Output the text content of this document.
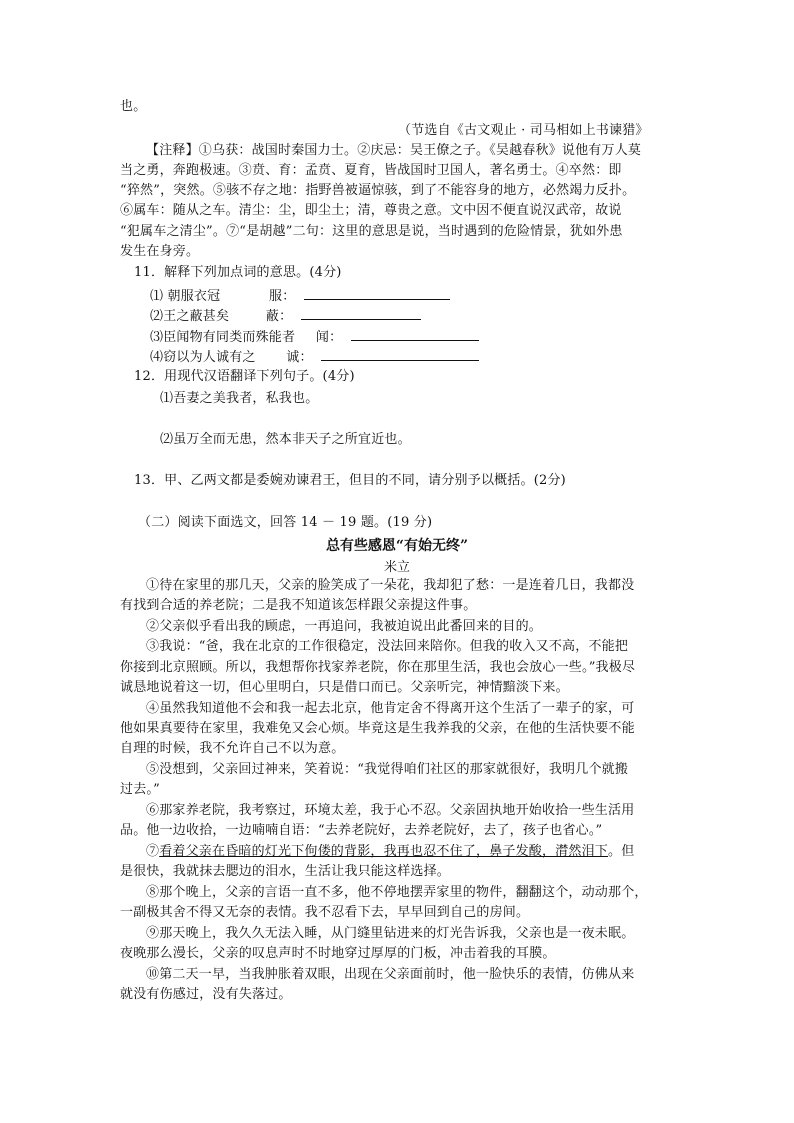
也。
（节选自《古文观止 · 司马相如上书谏猎》
【注释】①乌获：战国时秦国力士。②庆忌：吴王僚之子。《吴越春秋》说他有万人莫
当之勇，奔跑极速。③贲、育：孟贲、夏育，皆战国时卫国人，著名勇士。④卒然：即
“猝然”，突然。⑤骇不存之地：指野兽被逼惊骇，到了不能容身的地方，必然竭力反扑。
⑥属车：随从之车。清尘：尘，即尘土；清，尊贵之意。文中因不便直说汉武帝，故说
“犯属车之清尘”。⑦“是胡越”二句：这里的意思是说，当时遇到的危险情景，犹如外患
发生在身旁。
11．解释下列加点词的意思。(4分)
⑴ 朝服衣冠	服：
⑵王之蔽甚矣	蔽：
⑶臣闻物有同类而殊能者 闻：
⑷窃以为人诚有之 诚：
12．用现代汉语翻译下列句子。(4分)
⑴吾妻之美我者，私我也。
⑵虽万全而无患，然本非天子之所宜近也。
13．甲、乙两文都是委婉劝谏君王，但目的不同，请分别予以概括。(2分)
（二）阅读下面选文，回答 14 － 19 题。(19 分)
总有些感恩“有始无终”
米立
①待在家里的那几天，父亲的脸笑成了一朵花，我却犯了愁：一是连着几日，我都没
有找到合适的养老院；二是我不知道该怎样跟父亲提这件事。
②父亲似乎看出我的顾虑，一再追问，我被迫说出此番回来的目的。
③我说：“爸，我在北京的工作很稳定，没法回来陪你。但我的收入又不高，不能把
你接到北京照顾。所以，我想帮你找家养老院，你在那里生活，我也会放心一些。”我极尽
诚恳地说着这一切，但心里明白，只是借口而已。父亲听完，神情黯淡下来。
④虽然我知道他不会和我一起去北京，他肯定舍不得离开这个生活了一辈子的家，可
他如果真要待在家里，我难免又会心烦。毕竟这是生我养我的父亲，在他的生活快要不能
自理的时候，我不允许自己不以为意。
⑤没想到，父亲回过神来，笑着说：“我觉得咱们社区的那家就很好，我明几个就搬
过去。”
⑥那家养老院，我考察过，环境太差，我于心不忍。父亲固执地开始收拾一些生活用
品。他一边收拾，一边喃喃自语：“去养老院好，去养老院好，去了，孩子也省心。”
⑦看着父亲在昏暗的灯光下佝偻的背影，我再也忍不住了，鼻子发酸，潸然泪下。但
是很快，我就抹去腮边的泪水，生活让我只能这样选择。
⑧那个晚上，父亲的言语一直不多，他不停地摆弄家里的物件，翻翻这个，动动那个，
一副极其舍不得又无奈的表情。我不忍看下去，早早回到自己的房间。
⑨那天晚上，我久久无法入睡，从门缝里钻进来的灯光告诉我，父亲也是一夜未眠。
夜晚那么漫长，父亲的叹息声时不时地穿过厚厚的门板，冲击着我的耳膜。
⑩第二天一早，当我肿胀着双眼，出现在父亲面前时，他一脸快乐的表情，仿佛从来
就没有伤感过，没有失落过。
